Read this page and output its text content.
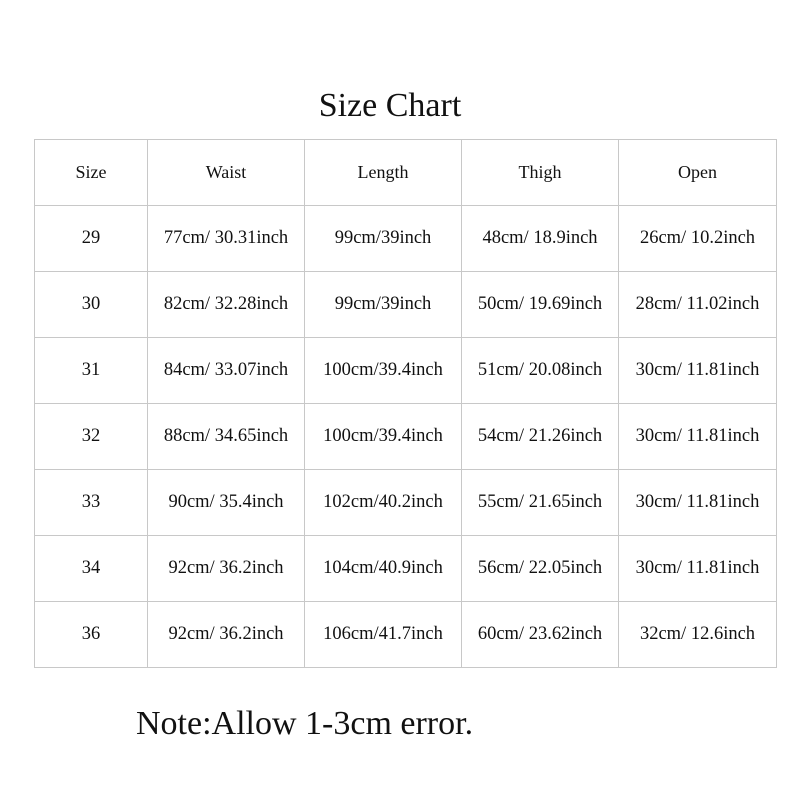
Size Chart
Size	Waist	Length	Thigh	Open
29	77cm/ 30.31inch	99cm/39inch	48cm/ 18.9inch	26cm/ 10.2inch
30	82cm/ 32.28inch	99cm/39inch	50cm/ 19.69inch	28cm/ 11.02inch
31	84cm/ 33.07inch	100cm/39.4inch	51cm/ 20.08inch	30cm/ 11.81inch
32	88cm/ 34.65inch	100cm/39.4inch	54cm/ 21.26inch	30cm/ 11.81inch
33	90cm/ 35.4inch	102cm/40.2inch	55cm/ 21.65inch	30cm/ 11.81inch
34	92cm/ 36.2inch	104cm/40.9inch	56cm/ 22.05inch	30cm/ 11.81inch
36	92cm/ 36.2inch	106cm/41.7inch	60cm/ 23.62inch	32cm/ 12.6inch
Note:Allow 1-3cm error.
